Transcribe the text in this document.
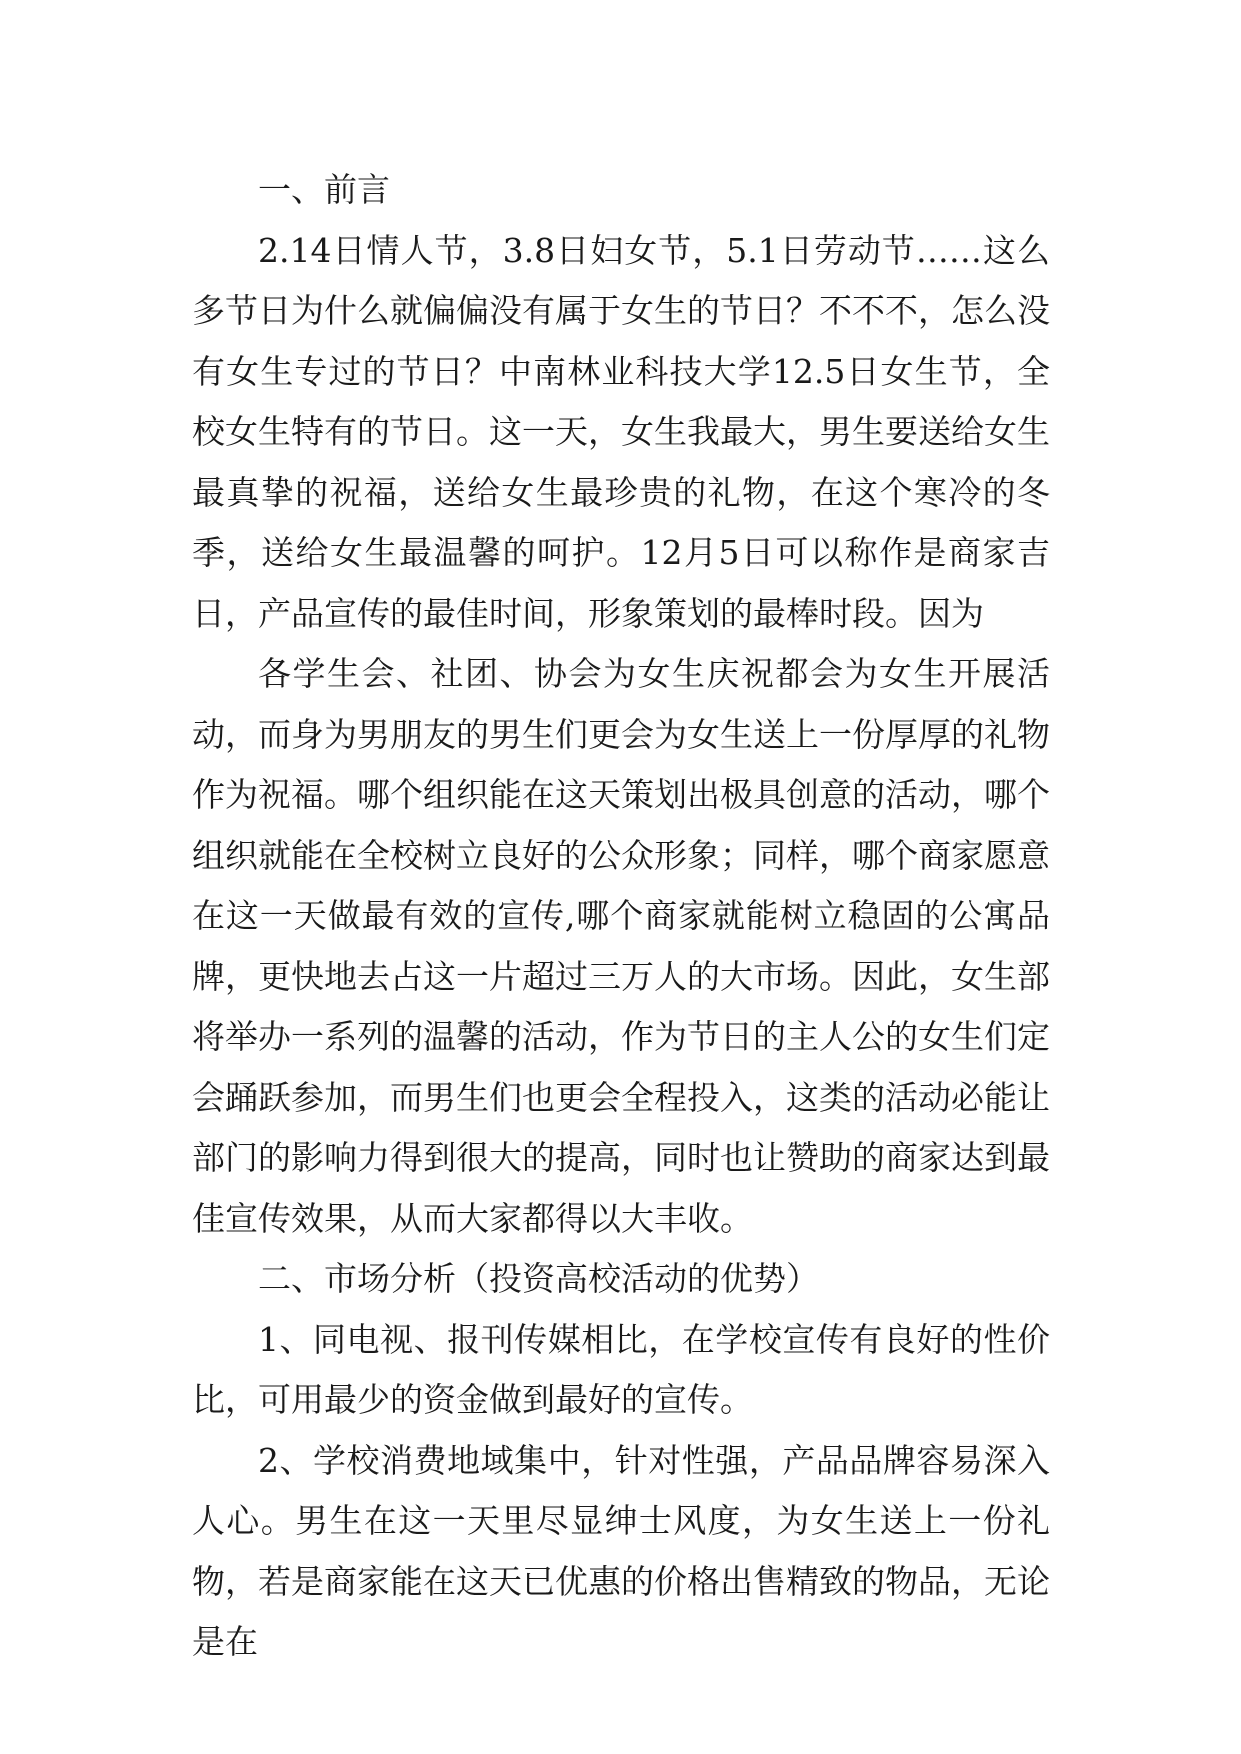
一、前言

2.14日情人节，3.8日妇女节，5.1日劳动节……这么多节日为什么就偏偏没有属于女生的节日？不不不，怎么没有女生专过的节日？中南林业科技大学12.5日女生节，全校女生特有的节日。这一天，女生我最大，男生要送给女生最真挚的祝福，送给女生最珍贵的礼物，在这个寒冷的冬季，送给女生最温馨的呵护。12月5日可以称作是商家吉日，产品宣传的最佳时间，形象策划的最棒时段。因为

各学生会、社团、协会为女生庆祝都会为女生开展活动，而身为男朋友的男生们更会为女生送上一份厚厚的礼物作为祝福。哪个组织能在这天策划出极具创意的活动，哪个组织就能在全校树立良好的公众形象；同样，哪个商家愿意在这一天做最有效的宣传,哪个商家就能树立稳固的公寓品牌，更快地去占这一片超过三万人的大市场。因此，女生部将举办一系列的温馨的活动，作为节日的主人公的女生们定会踊跃参加，而男生们也更会全程投入，这类的活动必能让部门的影响力得到很大的提高，同时也让赞助的商家达到最佳宣传效果，从而大家都得以大丰收。

二、市场分析（投资高校活动的优势）

1、同电视、报刊传媒相比，在学校宣传有良好的性价比，可用最少的资金做到最好的宣传。

2、学校消费地域集中，针对性强，产品品牌容易深入人心。男生在这一天里尽显绅士风度，为女生送上一份礼物，若是商家能在这天已优惠的价格出售精致的物品，无论是在
